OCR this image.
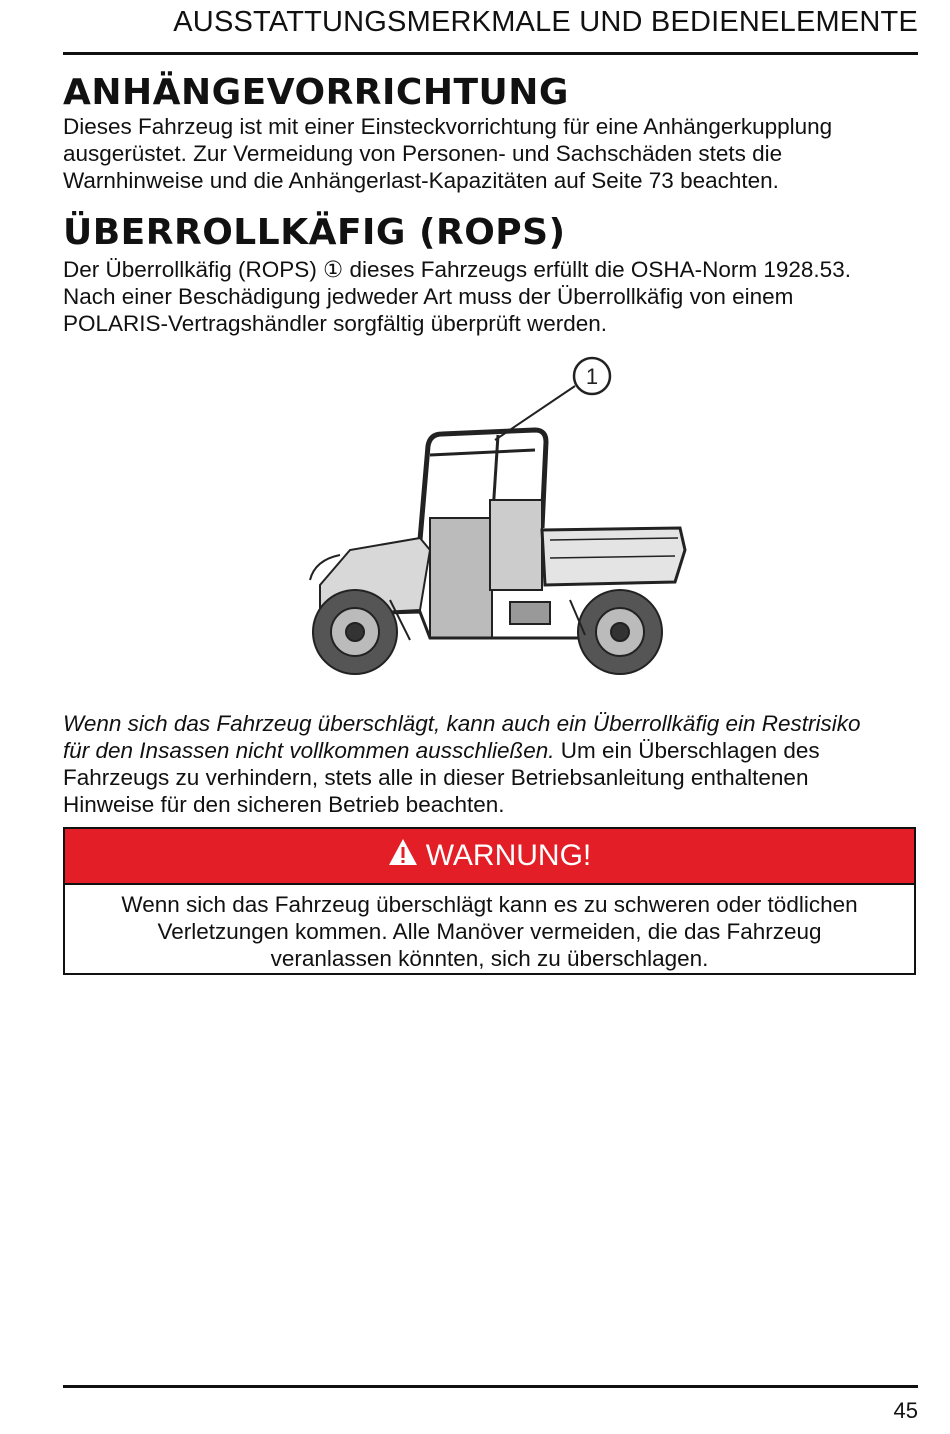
AUSSTATTUNGSMERKMALE UND BEDIENELEMENTE
ANHÄNGEVORRICHTUNG
Dieses Fahrzeug ist mit einer Einsteckvorrichtung für eine Anhängerkupplung
ausgerüstet. Zur Vermeidung von Personen- und Sachschäden stets die
Warnhinweise und die Anhängerlast-Kapazitäten auf Seite 73 beachten.
ÜBERROLLKÄFIG (ROPS)
Der Überrollkäfig (ROPS) ① dieses Fahrzeugs erfüllt die OSHA-Norm 1928.53.
Nach einer Beschädigung jedweder Art muss der Überrollkäfig von einem
POLARIS-Vertragshändler sorgfältig überprüft werden.
1
Wenn sich das Fahrzeug überschlägt, kann auch ein Überrollkäfig ein Restrisiko
für den Insassen nicht vollkommen ausschließen. Um ein Überschlagen des
Fahrzeugs zu verhindern, stets alle in dieser Betriebsanleitung enthaltenen
Hinweise für den sicheren Betrieb beachten.
WARNUNG!
Wenn sich das Fahrzeug überschlägt kann es zu schweren oder tödlichen
Verletzungen kommen. Alle Manöver vermeiden, die das Fahrzeug
veranlassen könnten, sich zu überschlagen.
45
